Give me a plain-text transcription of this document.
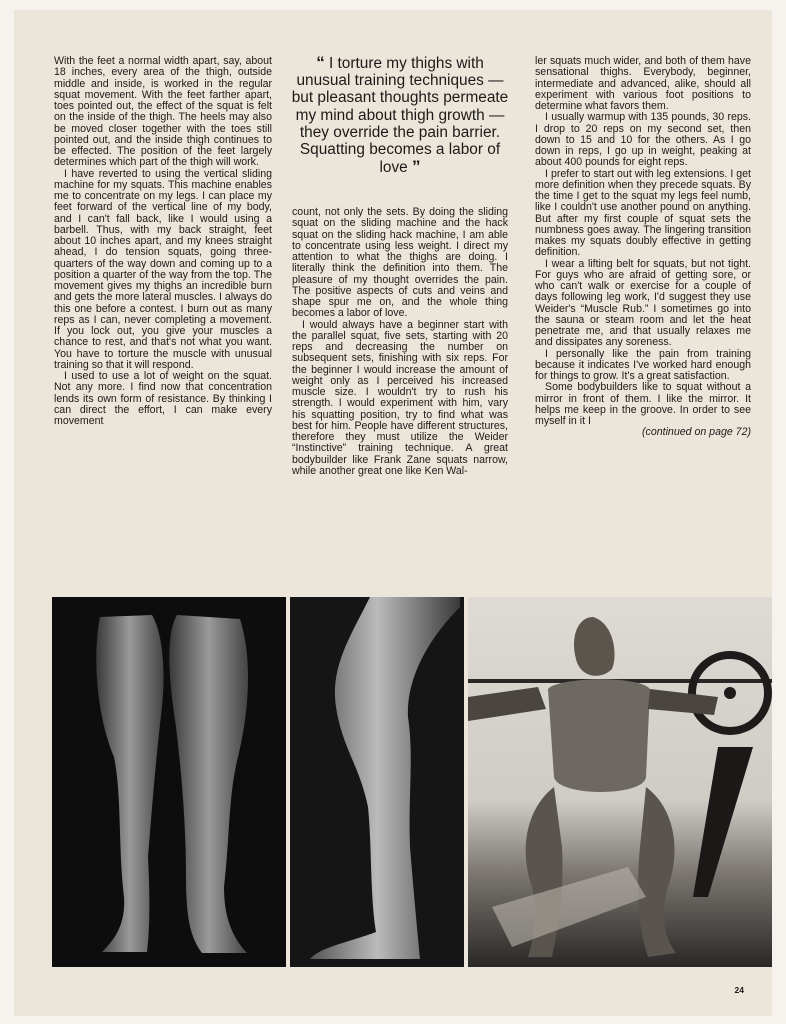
With the feet a normal width apart, say, about 18 inches, every area of the thigh, outside middle and inside, is worked in the regular squat movement. With the feet farther apart, toes pointed out, the effect of the squat is felt on the inside of the thigh. The heels may also be moved closer together with the toes still pointed out, and the inside thigh continues to be effected. The position of the feet largely determines which part of the thigh will work.

I have reverted to using the vertical sliding machine for my squats. This machine enables me to concentrate on my legs. I can place my feet forward of the vertical line of my body, and I can't fall back, like I would using a barbell. Thus, with my back straight, feet about 10 inches apart, and my knees straight ahead, I do tension squats, going three-quarters of the way down and coming up to a position a quarter of the way from the top. The movement gives my thighs an incredible burn and gets the more lateral muscles. I always do this one before a contest. I burn out as many reps as I can, never completing a movement. If you lock out, you give your muscles a chance to rest, and that's not what you want. You have to torture the muscle with unusual training so that it will respond.

I used to use a lot of weight on the squat. Not any more. I find now that concentration lends its own form of resistance. By thinking I can direct the effort, I can make every movement

“ I torture my thighs with unusual training techniques — but pleasant thoughts permeate my mind about thigh growth — they override the pain barrier. Squatting becomes a labor of love ”

count, not only the sets. By doing the sliding squat on the sliding machine and the hack squat on the sliding hack machine, I am able to concentrate using less weight. I direct my attention to what the thighs are doing. I literally think the definition into them. The pleasure of my thought overrides the pain. The positive aspects of cuts and veins and shape spur me on, and the whole thing becomes a labor of love.

I would always have a beginner start with the parallel squat, five sets, starting with 20 reps and decreasing the number on subsequent sets, finishing with six reps. For the beginner I would increase the amount of weight only as I perceived his increased muscle size. I wouldn't try to rush his strength. I would experiment with him, vary his squatting position, try to find what was best for him. People have different structures, therefore they must utilize the Weider “Instinctive” training technique. A great bodybuilder like Frank Zane squats narrow, while another great one like Ken Wal-

ler squats much wider, and both of them have sensational thighs. Everybody, beginner, intermediate and advanced, alike, should all experiment with various foot positions to determine what favors them.

I usually warmup with 135 pounds, 30 reps. I drop to 20 reps on my second set, then down to 15 and 10 for the others. As I go down in reps, I go up in weight, peaking at about 400 pounds for eight reps.

I prefer to start out with leg extensions. I get more definition when they precede squats. By the time I get to the squat my legs feel numb, like I couldn't use another pound on anything. But after my first couple of squat sets the numbness goes away. The lingering transition makes my squats doubly effective in getting definition.

I wear a lifting belt for squats, but not tight. For guys who are afraid of getting sore, or who can't walk or exercise for a couple of days following leg work, I'd suggest they use Weider's “Muscle Rub.” I sometimes go into the sauna or steam room and let the heat penetrate me, and that usually relaxes me and dissipates any soreness.

I personally like the pain from training because it indicates I've worked hard enough for things to grow. It's a great satisfaction.

Some bodybuilders like to squat without a mirror in front of them. I like the mirror. It helps me keep in the groove. In order to see myself in it I

(continued on page 72)

24
